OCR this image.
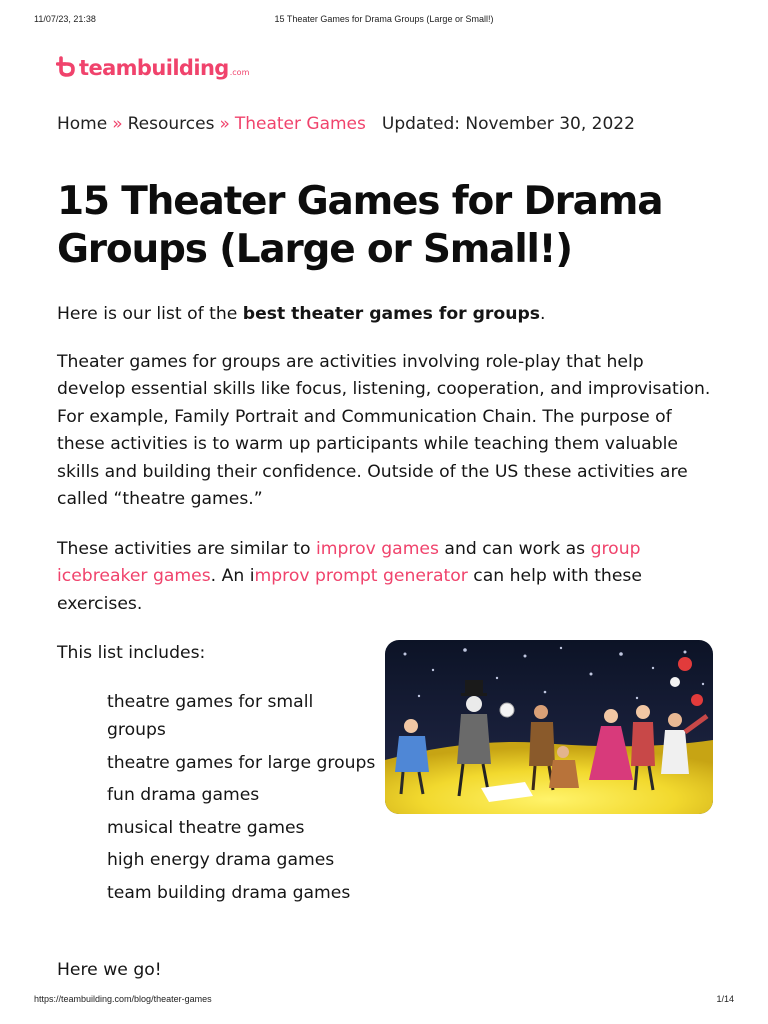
11/07/23, 21:38	15 Theater Games for Drama Groups (Large or Small!)
teambuilding .com
Home » Resources » Theater Games Updated: November 30, 2022
15 Theater Games for Drama Groups (Large or Small!)

Here is our list of the best theater games for groups.

Theater games for groups are activities involving role-play that help develop essential skills like focus, listening, cooperation, and improvisation. For example, Family Portrait and Communication Chain. The purpose of these activities is to warm up participants while teaching them valuable skills and building their confidence. Outside of the US these activities are called “theatre games.”

These activities are similar to improv games and can work as group icebreaker games. An improv prompt generator can help with these exercises.

This list includes:

theatre games for small groups
theatre games for large groups
fun drama games
musical theatre games
high energy drama games
team building drama games

Here we go!

https://teambuilding.com/blog/theater-games	1/14
